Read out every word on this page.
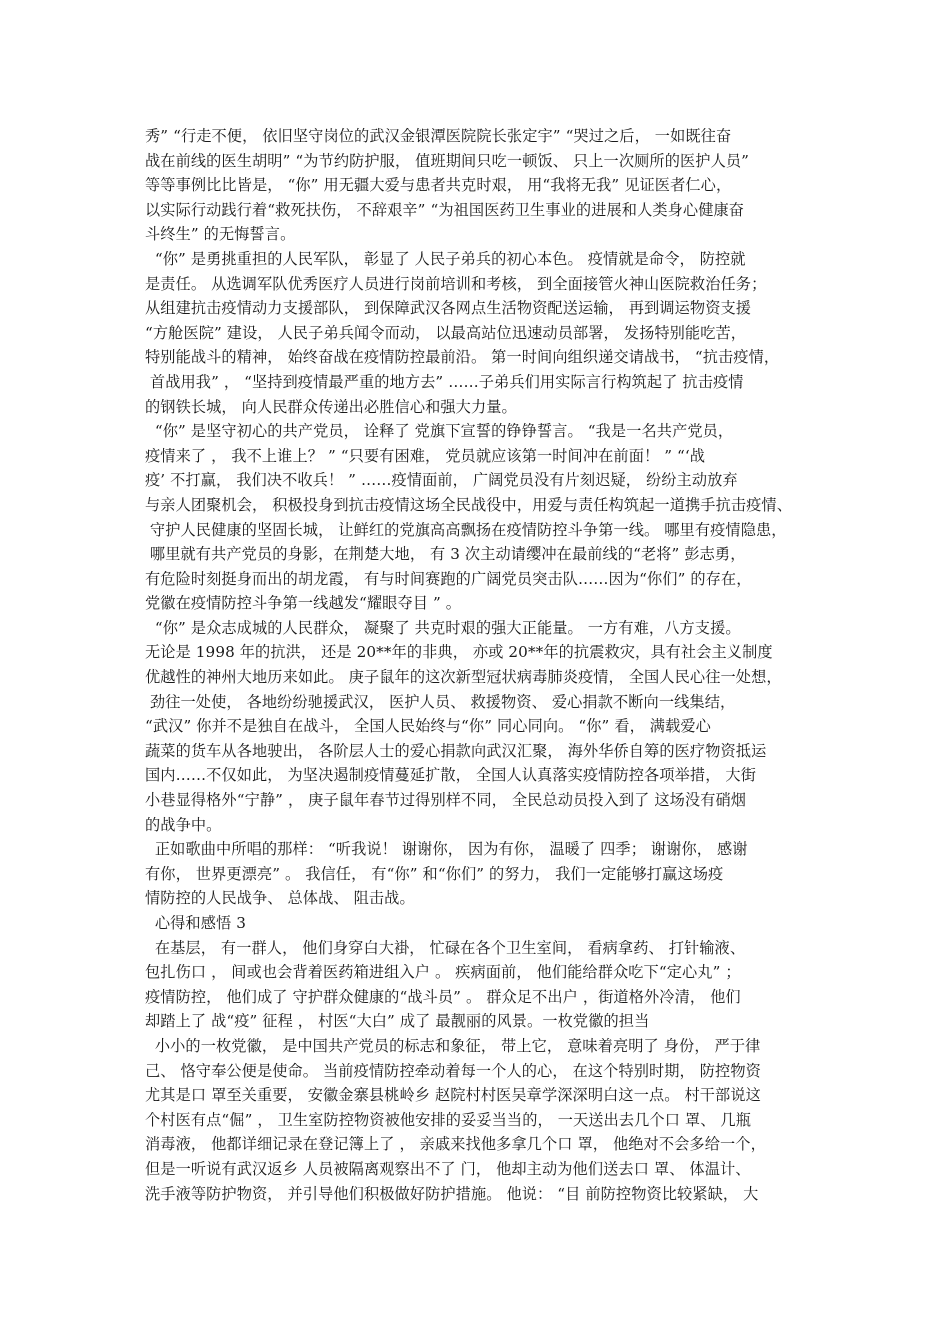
秀” “行走不便， 依旧坚守岗位的武汉金银潭医院院长张定宇” “哭过之后， 一如既往奋
战在前线的医生胡明” “为节约防护服， 值班期间只吃一顿饭、 只上一次厕所的医护人员”
等等事例比比皆是， “你” 用无疆大爱与患者共克时艰， 用“我将无我” 见证医者仁心，
以实际行动践行着“救死扶伤， 不辞艰辛” “为祖国医药卫生事业的进展和人类身心健康奋
斗终生” 的无悔誓言。
“你” 是勇挑重担的人民军队， 彰显了 人民子弟兵的初心本色。 疫情就是命令， 防控就
是责任。 从选调军队优秀医疗人员进行岗前培训和考核， 到全面接管火神山医院救治任务；
从组建抗击疫情动力支援部队， 到保障武汉各网点生活物资配送运输， 再到调运物资支援
“方舱医院” 建设， 人民子弟兵闻令而动， 以最高站位迅速动员部署， 发扬特别能吃苦，
特别能战斗的精神， 始终奋战在疫情防控最前沿。 第一时间向组织递交请战书， “抗击疫情，
首战用我” ， “坚持到疫情最严重的地方去” ……子弟兵们用实际言行构筑起了 抗击疫情
的钢铁长城， 向人民群众传递出必胜信心和强大力量。
“你” 是坚守初心的共产党员， 诠释了 党旗下宣誓的铮铮誓言。 “我是一名共产党员，
疫情来了 ， 我不上谁上？ ” “只要有困难， 党员就应该第一时间冲在前面！ ” “‘战
疫’ 不打赢， 我们决不收兵！ ” ……疫情面前， 广阔党员没有片刻迟疑， 纷纷主动放弃
与亲人团聚机会， 积极投身到抗击疫情这场全民战役中，用爱与责任构筑起一道携手抗击疫情、
守护人民健康的坚固长城， 让鲜红的党旗高高飘扬在疫情防控斗争第一线。 哪里有疫情隐患，
哪里就有共产党员的身影，在荆楚大地， 有 3 次主动请缨冲在最前线的“老将” 彭志勇，
有危险时刻挺身而出的胡龙霞， 有与时间赛跑的广阔党员突击队……因为“你们” 的存在，
党徽在疫情防控斗争第一线越发“耀眼夺目 ” 。
“你” 是众志成城的人民群众， 凝聚了 共克时艰的强大正能量。 一方有难，八方支援。
无论是 1998 年的抗洪， 还是 20**年的非典， 亦或 20**年的抗震救灾，具有社会主义制度
优越性的神州大地历来如此。 庚子鼠年的这次新型冠状病毒肺炎疫情， 全国人民心往一处想，
劲往一处使， 各地纷纷驰援武汉， 医护人员、 救援物资、 爱心捐款不断向一线集结，
“武汉” 你并不是独自在战斗， 全国人民始终与“你” 同心同向。 “你” 看， 满载爱心
蔬菜的货车从各地驶出， 各阶层人士的爱心捐款向武汉汇聚， 海外华侨自筹的医疗物资抵运
国内……不仅如此， 为坚决遏制疫情蔓延扩散， 全国人认真落实疫情防控各项举措， 大街
小巷显得格外“宁静” ， 庚子鼠年春节过得别样不同， 全民总动员投入到了 这场没有硝烟
的战争中。
正如歌曲中所唱的那样： “听我说！ 谢谢你， 因为有你， 温暖了 四季； 谢谢你， 感谢
有你， 世界更漂亮” 。 我信任， 有“你” 和“你们” 的努力， 我们一定能够打赢这场疫
情防控的人民战争、 总体战、 阻击战。
心得和感悟 3
在基层， 有一群人， 他们身穿白大褂， 忙碌在各个卫生室间， 看病拿药、 打针输液、
包扎伤口 ， 间或也会背着医药箱进组入户 。 疾病面前， 他们能给群众吃下“定心丸” ；
疫情防控， 他们成了 守护群众健康的“战斗员” 。 群众足不出户 ，街道格外冷清， 他们
却踏上了 战“疫” 征程 ， 村医“大白” 成了 最靓丽的风景。一枚党徽的担当
小小的一枚党徽， 是中国共产党员的标志和象征， 带上它， 意味着亮明了 身份， 严于律
己、 恪守奉公便是使命。 当前疫情防控牵动着每一个人的心， 在这个特别时期， 防控物资
尤其是口 罩至关重要， 安徽金寨县桃岭乡 赵院村村医吴章学深深明白这一点。 村干部说这
个村医有点“倔” ， 卫生室防控物资被他安排的妥妥当当的， 一天送出去几个口 罩、 几瓶
消毒液， 他都详细记录在登记簿上了 ， 亲戚来找他多拿几个口 罩， 他绝对不会多给一个，
但是一听说有武汉返乡 人员被隔离观察出不了 门， 他却主动为他们送去口 罩、 体温计、
洗手液等防护物资， 并引导他们积极做好防护措施。 他说： “目 前防控物资比较紧缺， 大
